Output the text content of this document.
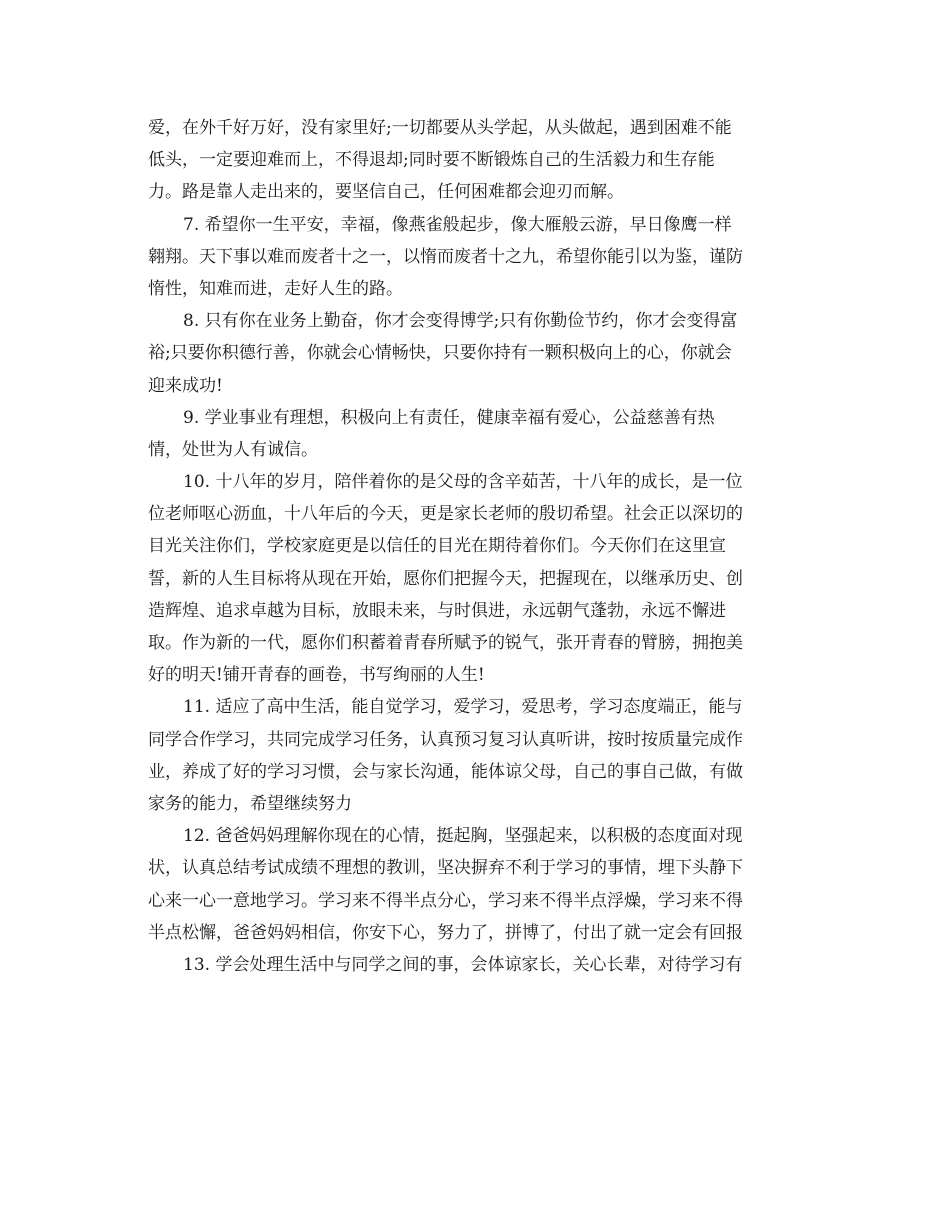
爱，在外千好万好，没有家里好;一切都要从头学起，从头做起，遇到困难不能
低头，一定要迎难而上，不得退却;同时要不断锻炼自己的生活毅力和生存能
力。路是靠人走出来的，要坚信自己，任何困难都会迎刃而解。
7. 希望你一生平安，幸福，像燕雀般起步，像大雁般云游，早日像鹰一样
翱翔。天下事以难而废者十之一，以惰而废者十之九，希望你能引以为鉴，谨防
惰性，知难而进，走好人生的路。
8. 只有你在业务上勤奋，你才会变得博学;只有你勤俭节约，你才会变得富
裕;只要你积德行善，你就会心情畅快，只要你持有一颗积极向上的心，你就会
迎来成功!
9. 学业事业有理想，积极向上有责任，健康幸福有爱心，公益慈善有热
情，处世为人有诚信。
10. 十八年的岁月，陪伴着你的是父母的含辛茹苦，十八年的成长，是一位
位老师呕心沥血，十八年后的今天，更是家长老师的殷切希望。社会正以深切的
目光关注你们，学校家庭更是以信任的目光在期待着你们。今天你们在这里宣
誓，新的人生目标将从现在开始，愿你们把握今天，把握现在，以继承历史、创
造辉煌、追求卓越为目标，放眼未来，与时俱进，永远朝气蓬勃，永远不懈进
取。作为新的一代，愿你们积蓄着青春所赋予的锐气，张开青春的臂膀，拥抱美
好的明天!铺开青春的画卷，书写绚丽的人生!
11. 适应了高中生活，能自觉学习，爱学习，爱思考，学习态度端正，能与
同学合作学习，共同完成学习任务，认真预习复习认真听讲，按时按质量完成作
业，养成了好的学习习惯，会与家长沟通，能体谅父母，自己的事自己做，有做
家务的能力，希望继续努力
12. 爸爸妈妈理解你现在的心情，挺起胸，坚强起来，以积极的态度面对现
状，认真总结考试成绩不理想的教训，坚决摒弃不利于学习的事情，埋下头静下
心来一心一意地学习。学习来不得半点分心，学习来不得半点浮燥，学习来不得
半点松懈，爸爸妈妈相信，你安下心，努力了，拼博了，付出了就一定会有回报
13. 学会处理生活中与同学之间的事，会体谅家长，关心长辈，对待学习有
